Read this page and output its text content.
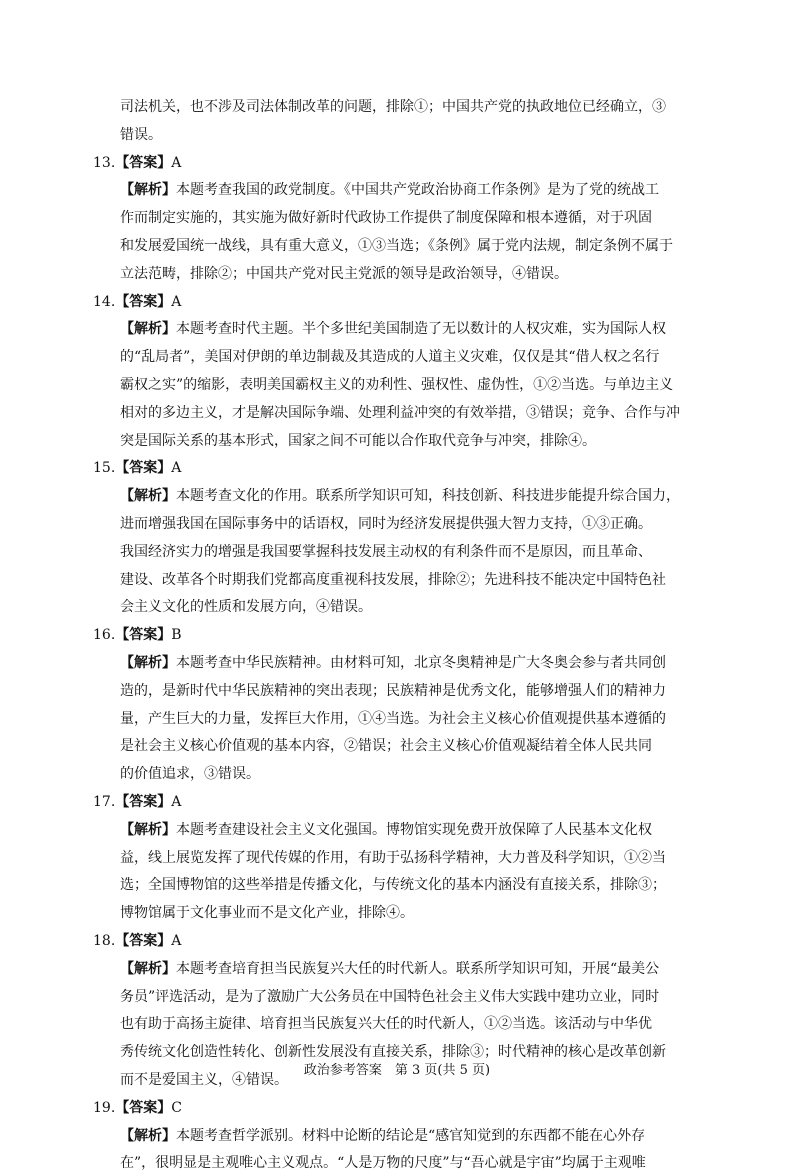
司法机关，也不涉及司法体制改革的问题，排除①；中国共产党的执政地位已经确立，③
错误。
13.【答案】A
【解析】本题考查我国的政党制度。《中国共产党政治协商工作条例》是为了党的统战工
作而制定实施的，其实施为做好新时代政协工作提供了制度保障和根本遵循，对于巩固
和发展爱国统一战线，具有重大意义，①③当选；《条例》属于党内法规，制定条例不属于
立法范畴，排除②；中国共产党对民主党派的领导是政治领导，④错误。
14.【答案】A
【解析】本题考查时代主题。半个多世纪美国制造了无以数计的人权灾难，实为国际人权
的“乱局者”，美国对伊朗的单边制裁及其造成的人道主义灾难，仅仅是其“借人权之名行
霸权之实”的缩影，表明美国霸权主义的劝利性、强权性、虚伪性，①②当选。与单边主义
相对的多边主义，才是解决国际争端、处理利益冲突的有效举措，③错误；竞争、合作与冲
突是国际关系的基本形式，国家之间不可能以合作取代竞争与冲突，排除④。
15.【答案】A
【解析】本题考查文化的作用。联系所学知识可知，科技创新、科技进步能提升综合国力，
进而增强我国在国际事务中的话语权，同时为经济发展提供强大智力支持，①③正确。
我国经济实力的增强是我国要掌握科技发展主动权的有利条件而不是原因，而且革命、
建设、改革各个时期我们党都高度重视科技发展，排除②；先进科技不能决定中国特色社
会主义文化的性质和发展方向，④错误。
16.【答案】B
【解析】本题考查中华民族精神。由材料可知，北京冬奥精神是广大冬奥会参与者共同创
造的，是新时代中华民族精神的突出表现；民族精神是优秀文化，能够增强人们的精神力
量，产生巨大的力量，发挥巨大作用，①④当选。为社会主义核心价值观提供基本遵循的
是社会主义核心价值观的基本内容，②错误；社会主义核心价值观凝结着全体人民共同
的价值追求，③错误。
17.【答案】A
【解析】本题考查建设社会主义文化强国。博物馆实现免费开放保障了人民基本文化权
益，线上展览发挥了现代传媒的作用，有助于弘扬科学精神，大力普及科学知识，①②当
选；全国博物馆的这些举措是传播文化，与传统文化的基本内涵没有直接关系，排除③；
博物馆属于文化事业而不是文化产业，排除④。
18.【答案】A
【解析】本题考查培育担当民族复兴大任的时代新人。联系所学知识可知，开展“最美公
务员”评选活动，是为了激励广大公务员在中国特色社会主义伟大实践中建功立业，同时
也有助于高扬主旋律、培育担当民族复兴大任的时代新人，①②当选。该活动与中华优
秀传统文化创造性转化、创新性发展没有直接关系，排除③；时代精神的核心是改革创新
而不是爱国主义，④错误。
19.【答案】C
【解析】本题考查哲学派别。材料中论断的结论是“感官知觉到的东西都不能在心外存
在”，很明显是主观唯心主义观点。“人是万物的尺度”与“吾心就是宇宙”均属于主观唯
政治参考答案　第 3 页(共 5 页)
